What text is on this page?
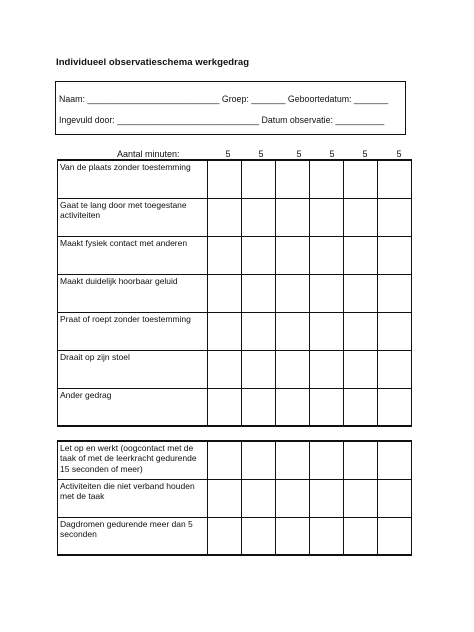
Individueel observatieschema werkgedrag
Naam: ___________________________ Groep: _______ Geboortedatum: _______
Ingevuld door: _____________________________ Datum observatie: __________
Aantal minuten:	5	5	5	5	5	5
Van de plaats zonder toestemming						
Gaat te lang door met toegestane activiteiten						
Maakt fysiek contact met anderen						
Maakt duidelijk hoorbaar geluid						
Praat of roept zonder toestemming						
Draait op zijn stoel						
Ander gedrag						
Let op en werkt (oogcontact met de taak of met de leerkracht gedurende 15 seconden of meer)						
Activiteiten die niet verband houden met de taak						
Dagdromen gedurende meer dan 5 seconden						
